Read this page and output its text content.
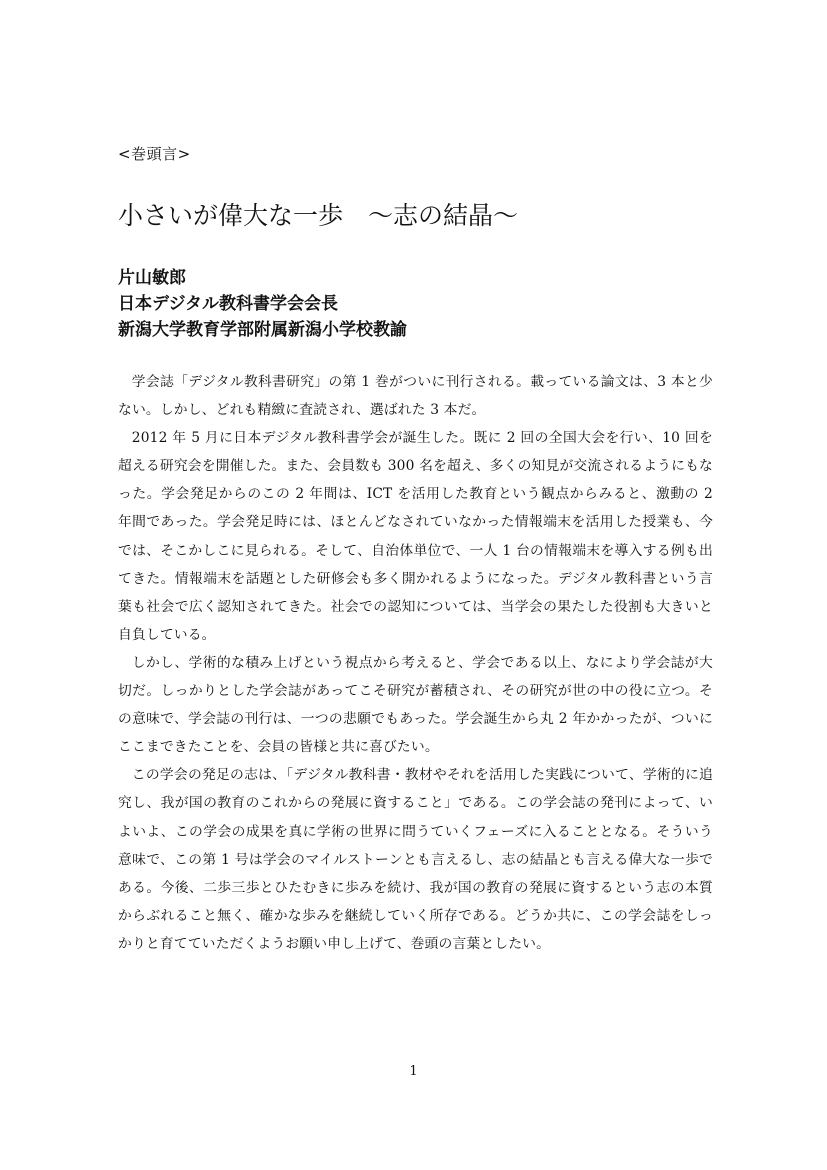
<巻頭言>
小さいが偉大な一歩　～志の結晶～
片山敏郎
日本デジタル教科書学会会長
新潟大学教育学部附属新潟小学校教諭

学会誌「デジタル教科書研究」の第 1 巻がついに刊行される。載っている論文は、3 本と少ない。しかし、どれも精緻に査読され、選ばれた 3 本だ。

2012 年 5 月に日本デジタル教科書学会が誕生した。既に 2 回の全国大会を行い、10 回を超える研究会を開催した。また、会員数も 300 名を超え、多くの知見が交流されるようにもなった。学会発足からのこの 2 年間は、ICT を活用した教育という観点からみると、激動の 2 年間であった。学会発足時には、ほとんどなされていなかった情報端末を活用した授業も、今では、そこかしこに見られる。そして、自治体単位で、一人 1 台の情報端末を導入する例も出てきた。情報端末を話題とした研修会も多く開かれるようになった。デジタル教科書という言葉も社会で広く認知されてきた。社会での認知については、当学会の果たした役割も大きいと自負している。

しかし、学術的な積み上げという視点から考えると、学会である以上、なにより学会誌が大切だ。しっかりとした学会誌があってこそ研究が蓄積され、その研究が世の中の役に立つ。その意味で、学会誌の刊行は、一つの悲願でもあった。学会誕生から丸 2 年かかったが、ついにここまできたことを、会員の皆様と共に喜びたい。

この学会の発足の志は、「デジタル教科書・教材やそれを活用した実践について、学術的に追究し、我が国の教育のこれからの発展に資すること」である。この学会誌の発刊によって、いよいよ、この学会の成果を真に学術の世界に問うていくフェーズに入ることとなる。そういう意味で、この第 1 号は学会のマイルストーンとも言えるし、志の結晶とも言える偉大な一歩である。今後、二歩三歩とひたむきに歩みを続け、我が国の教育の発展に資するという志の本質からぶれること無く、確かな歩みを継続していく所存である。どうか共に、この学会誌をしっかりと育てていただくようお願い申し上げて、巻頭の言葉としたい。

1
